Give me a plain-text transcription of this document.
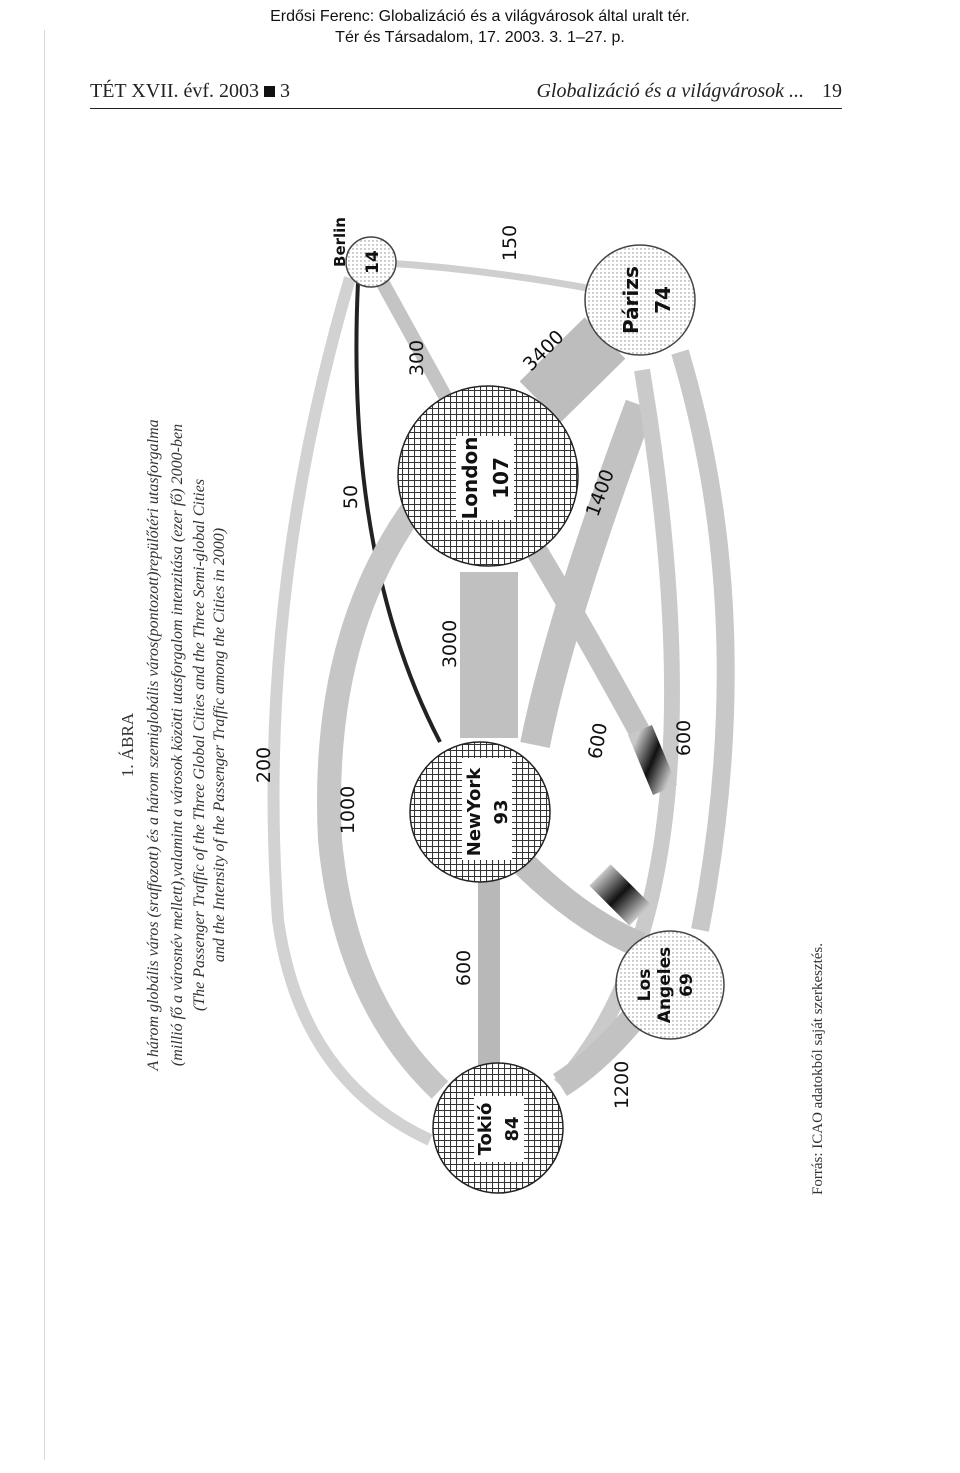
Erdősi Ferenc: Globalizáció és a világvárosok által uralt tér.
Tér és Társadalom, 17. 2003. 3. 1–27. p.
TÉT XVII. évf. 2003 3	Globalizáció és a világvárosok ... 19
1. ÁBRA A három globális város (sraffozott) és a három szemiglobális város(pontozott)repülőtéri utasforgalma (millió fő a városnév mellett),valamint a városok közötti utasforgalom intenzitása (ezer fő) 2000-ben (The Passenger Traffic of the Three Global Cities and the Three Semi-global Cities and the Intensity of the Passenger Traffic among the Cities in 2000)
Forrás: ICAO adatokból saját szerkesztés.
Berlin 14
Párizs 74
London 107
NewYork 93
Tokió 84
Los Angeles 69
150
300
50
200
3400
3000
1000
1400
600	600
600
1200
